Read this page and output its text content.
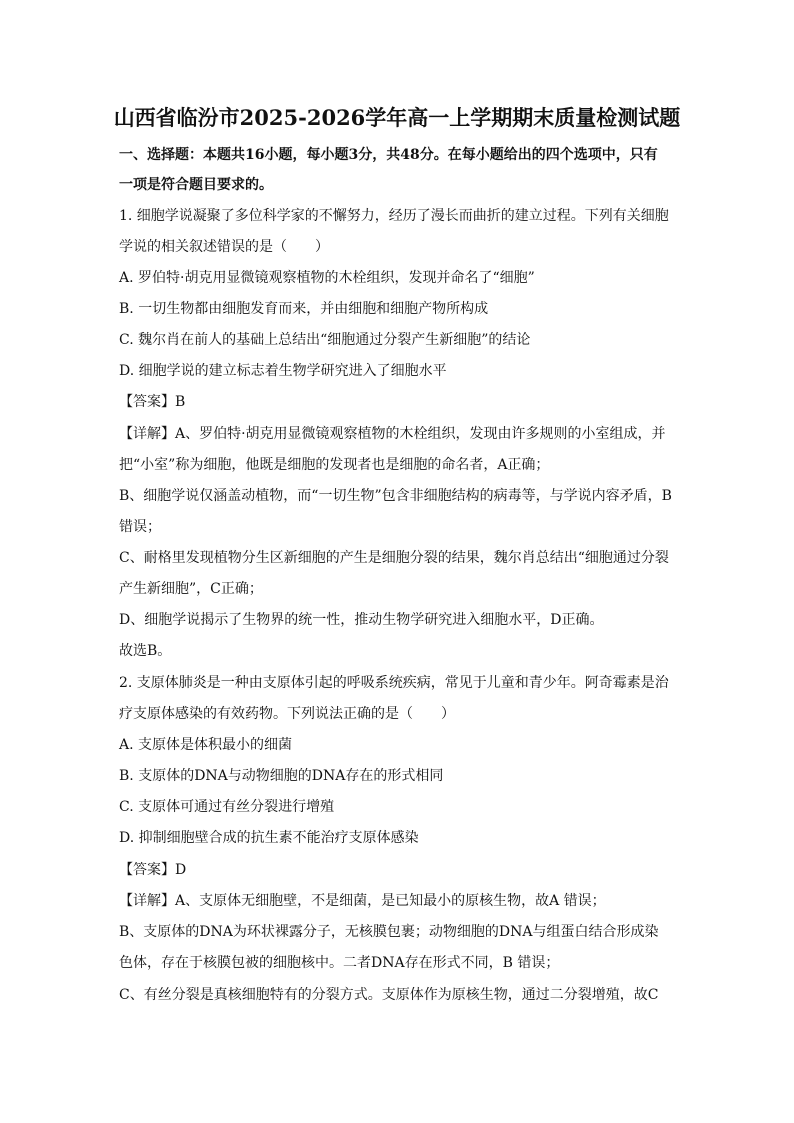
山西省临汾市2025-2026学年高一上学期期末质量检测试题
一、选择题：本题共16小题，每小题3分，共48分。在每小题给出的四个选项中，只有
一项是符合题目要求的。
1. 细胞学说凝聚了多位科学家的不懈努力，经历了漫长而曲折的建立过程。下列有关细胞
学说的相关叙述错误的是（　　）
A. 罗伯特·胡克用显微镜观察植物的木栓组织，发现并命名了“细胞”
B. 一切生物都由细胞发育而来，并由细胞和细胞产物所构成
C. 魏尔肖在前人的基础上总结出“细胞通过分裂产生新细胞”的结论
D. 细胞学说的建立标志着生物学研究进入了细胞水平
【答案】B
【详解】A、罗伯特·胡克用显微镜观察植物的木栓组织，发现由许多规则的小室组成，并
把“小室”称为细胞，他既是细胞的发现者也是细胞的命名者，A正确；
B、细胞学说仅涵盖动植物，而“一切生物”包含非细胞结构的病毒等，与学说内容矛盾，B
错误；
C、耐格里发现植物分生区新细胞的产生是细胞分裂的结果，魏尔肖总结出“细胞通过分裂
产生新细胞”，C正确；
D、细胞学说揭示了生物界的统一性，推动生物学研究进入细胞水平，D正确。
故选B。
2. 支原体肺炎是一种由支原体引起的呼吸系统疾病，常见于儿童和青少年。阿奇霉素是治
疗支原体感染的有效药物。下列说法正确的是（　　）
A. 支原体是体积最小的细菌
B. 支原体的DNA与动物细胞的DNA存在的形式相同
C. 支原体可通过有丝分裂进行增殖
D. 抑制细胞壁合成的抗生素不能治疗支原体感染
【答案】D
【详解】A、支原体无细胞壁，不是细菌，是已知最小的原核生物，故A 错误；
B、支原体的DNA为环状裸露分子，无核膜包裹；动物细胞的DNA与组蛋白结合形成染
色体，存在于核膜包被的细胞核中。二者DNA存在形式不同，B 错误；
C、有丝分裂是真核细胞特有的分裂方式。支原体作为原核生物，通过二分裂增殖，故C
